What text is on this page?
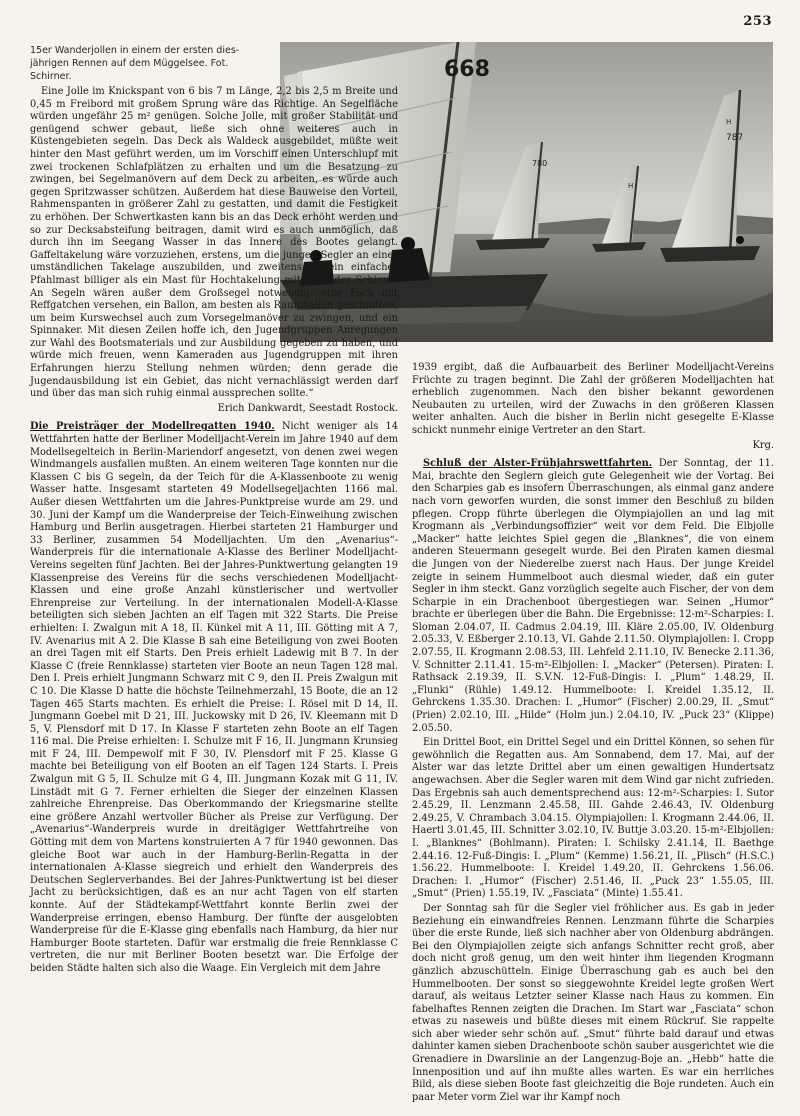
253
15er Wanderjollen in einem der ersten dies-jährigen Rennen auf dem Müggelsee. Fot. Schirner.	668
780
H
H
787

Eine Jolle im Knickspant von 6 bis 7 m Länge, 2,2 bis 2,5 m Breite und 0,45 m Freibord mit großem Sprung wäre das Richtige. An Segelfläche würden ungefähr 25 m² genügen. Solche Jolle, mit großer Stabilität und genügend schwer gebaut, ließe sich ohne weiteres auch in Küstengebieten segeln. Das Deck als Waldeck ausgebildet, müßte weit hinter den Mast geführt werden, um im Vorschiff einen Unterschlupf mit zwei trockenen Schlafplätzen zu erhalten und um die Besatzung zu zwingen, bei Segelmanövern auf dem Deck zu arbeiten, es würde auch gegen Spritzwasser schützen. Außerdem hat diese Bauweise den Vorteil, Rahmenspanten in größerer Zahl zu gestatten, und damit die Festigkeit zu erhöhen. Der Schwertkasten kann bis an das Deck erhöht werden und so zur Decksabsteifung beitragen, damit wird es auch unmöglich, daß durch ihn im Seegang Wasser in das Innere des Bootes gelangt. Gaffeltakelung wäre vorzuziehen, erstens, um die jungen Segler an einer umständlichen Takelage auszubilden, und zweitens ist ein einfacher Pfahlmast billiger als ein Mast für Hochtakelung mit Nut oder Schiene. An Segeln wären außer dem Großsegel notwendig: eine Fock mit Reffgatchen versehen, ein Ballon, am besten als Raumballon geschnitten, um beim Kurswechsel auch zum Vorsegelmanöver zu zwingen, und ein Spinnaker. Mit diesen Zeilen hoffe ich, den Jugendgruppen Anregungen zur Wahl des Bootsmaterials und zur Ausbildung gegeben zu haben, und würde mich freuen, wenn Kameraden aus Jugendgruppen mit ihren Erfahrungen hierzu Stellung nehmen würden; denn gerade die Jugendausbildung ist ein Gebiet, das nicht vernachlässigt werden darf und über das man sich ruhig einmal aussprechen sollte.“

Erich Dankwardt, Seestadt Rostock.

Die Preisträger der Modellregatten 1940. Nicht weniger als 14 Wettfahrten hatte der Berliner Modelljacht-Verein im Jahre 1940 auf dem Modellsegelteich in Berlin-Mariendorf angesetzt, von denen zwei wegen Windmangels ausfallen mußten. An einem weiteren Tage konnten nur die Klassen C bis G segeln, da der Teich für die A-Klassenboote zu wenig Wasser hatte. Insgesamt starteten 49 Modellsegeljachten 1166 mal. Außer diesen Wettfahrten um die Jahres-Punktpreise wurde am 29. und 30. Juni der Kampf um die Wanderpreise der Teich-Einweihung zwischen Hamburg und Berlin ausgetragen. Hierbei starteten 21 Hamburger und 33 Berliner, zusammen 54 Modelljachten. Um den „Avenarius“-Wanderpreis für die internationale A-Klasse des Berliner Modelljacht-Vereins segelten fünf Jachten. Bei der Jahres-Punktwertung gelangten 19 Klassenpreise des Vereins für die sechs verschiedenen Modelljacht-Klassen und eine große Anzahl künstlerischer und wertvoller Ehrenpreise zur Verteilung. In der internationalen Modell-A-Klasse beteiligten sich sieben Jachten an elf Tagen mit 322 Starts. Die Preise erhielten: I. Zwalgun mit A 18, II. Künkel mit A 11, III. Götting mit A 7, IV. Avenarius mit A 2. Die Klasse B sah eine Beteiligung von zwei Booten an drei Tagen mit elf Starts. Den Preis erhielt Ladewig mit B 7. In der Klasse C (freie Rennklasse) starteten vier Boote an neun Tagen 128 mal. Den I. Preis erhielt Jungmann Schwarz mit C 9, den II. Preis Zwalgun mit C 10. Die Klasse D hatte die höchste Teilnehmerzahl, 15 Boote, die an 12 Tagen 465 Starts machten. Es erhielt die Preise: I. Rösel mit D 14, II. Jungmann Goebel mit D 21, III. Juckowsky mit D 26, IV. Kleemann mit D 5, V. Plensdorf mit D 17. In Klasse F starteten zehn Boote an elf Tagen 116 mal. Die Preise erhielten: I. Schulze mit F 16, II. Jungmann Krunsieg mit F 24, III. Dempewolf mit F 30, IV. Plensdorf mit F 25. Klasse G machte bei Beteiligung von elf Booten an elf Tagen 124 Starts. I. Preis Zwalgun mit G 5, II. Schulze mit G 4, III. Jungmann Kozak mit G 11, IV. Linstädt mit G 7. Ferner erhielten die Sieger der einzelnen Klassen zahlreiche Ehrenpreise. Das Oberkommando der Kriegsmarine stellte eine größere Anzahl wertvoller Bücher als Preise zur Verfügung. Der „Avenarius“-Wanderpreis wurde in dreitägiger Wettfahrtreihe von Götting mit dem von Martens konstruierten A 7 für 1940 gewonnen. Das gleiche Boot war auch in der Hamburg-Berlin-Regatta in der internationalen A-Klasse siegreich und erhielt den Wanderpreis des Deutschen Seglerverbandes. Bei der Jahres-Punktwertung ist bei dieser Jacht zu berücksichtigen, daß es an nur acht Tagen von elf starten konnte. Auf der Städtekampf-Wettfahrt konnte Berlin zwei der Wanderpreise erringen, ebenso Hamburg. Der fünfte der ausgelobten Wanderpreise für die E-Klasse ging ebenfalls nach Hamburg, da hier nur Hamburger Boote starteten. Dafür war erstmalig die freie Rennklasse C vertreten, die nur mit Berliner Booten besetzt war. Die Erfolge der beiden Städte halten sich also die Waage. Ein Vergleich mit dem Jahre

1939 ergibt, daß die Aufbauarbeit des Berliner Modelljacht-Vereins Früchte zu tragen beginnt. Die Zahl der größeren Modelljachten hat erheblich zugenommen. Nach den bisher bekannt gewordenen Neubauten zu urteilen, wird der Zuwachs in den größeren Klassen weiter anhalten. Auch die bisher in Berlin nicht gesegelte E-Klasse schickt nunmehr einige Vertreter an den Start.

Krg.

Schluß der Alster-Frühjahrswettfahrten. Der Sonntag, der 11. Mai, brachte den Seglern gleich gute Gelegenheit wie der Vortag. Bei den Scharpies gab es insofern Überraschungen, als einmal ganz andere nach vorn geworfen wurden, die sonst immer den Beschluß zu bilden pflegen. Cropp führte überlegen die Olympiajollen an und lag mit Krogmann als „Verbindungsoffizier“ weit vor dem Feld. Die Elbjolle „Macker“ hatte leichtes Spiel gegen die „Blanknes“, die von einem anderen Steuermann gesegelt wurde. Bei den Piraten kamen diesmal die Jungen von der Niederelbe zuerst nach Haus. Der junge Kreidel zeigte in seinem Hummelboot auch diesmal wieder, daß ein guter Segler in ihm steckt. Ganz vorzüglich segelte auch Fischer, der von dem Scharpie in ein Drachenboot übergestiegen war. Seinen „Humor“ brachte er überlegen über die Bahn. Die Ergebnisse: 12-m²-Scharpies: I. Sloman 2.04.07, II. Cadmus 2.04.19, III. Kläre 2.05.00, IV. Oldenburg 2.05.33, V. Eßberger 2.10.13, VI. Gahde 2.11.50. Olympiajollen: I. Cropp 2.07.55, II. Krogmann 2.08.53, III. Lehfeld 2.11.10, IV. Benecke 2.11.36, V. Schnitter 2.11.41. 15-m²-Elbjollen: I. „Macker“ (Petersen). Piraten: I. Rathsack 2.19.39, II. S.V.N. 12-Fuß-Dingis: I. „Plum“ 1.48.29, II. „Flunki“ (Rühle) 1.49.12. Hummelboote: I. Kreidel 1.35.12, II. Gehrckens 1.35.30. Drachen: I. „Humor“ (Fischer) 2.00.29, II. „Smut“ (Prien) 2.02.10, III. „Hilde“ (Holm jun.) 2.04.10, IV. „Puck 23“ (Klippe) 2.05.50.

Ein Drittel Boot, ein Drittel Segel und ein Drittel Können, so sehen für gewöhnlich die Regatten aus. Am Sonnabend, dem 17. Mai, auf der Alster war das letzte Drittel aber um einen gewaltigen Hundertsatz angewachsen. Aber die Segler waren mit dem Wind gar nicht zufrieden. Das Ergebnis sah auch dementsprechend aus: 12-m²-Scharpies: I. Sutor 2.45.29, II. Lenzmann 2.45.58, III. Gahde 2.46.43, IV. Oldenburg 2.49.25, V. Chrambach 3.04.15. Olympiajollen: I. Krogmann 2.44.06, II. Haertl 3.01.45, III. Schnitter 3.02.10, IV. Buttje 3.03.20. 15-m²-Elbjollen: I. „Blanknes“ (Bohlmann). Piraten: I. Schilsky 2.41.14, II. Baethge 2.44.16. 12-Fuß-Dingis: I. „Plum“ (Kemme) 1.56.21, II. „Plisch“ (H.S.C.) 1.56.22. Hummelboote: I. Kreidel 1.49.20, II. Gehrckens 1.56.06. Drachen: I. „Humor“ (Fischer) 2.51.46, II. „Puck 23“ 1.55.05, III. „Smut“ (Prien) 1.55.19, IV. „Fasciata“ (Minte) 1.55.41.

Der Sonntag sah für die Segler viel fröhlicher aus. Es gab in jeder Beziehung ein einwandfreies Rennen. Lenzmann führte die Scharpies über die erste Runde, ließ sich nachher aber von Oldenburg abdrängen. Bei den Olympiajollen zeigte sich anfangs Schnitter recht groß, aber doch nicht groß genug, um den weit hinter ihm liegenden Krogmann gänzlich abzuschütteln. Einige Überraschung gab es auch bei den Hummelbooten. Der sonst so sieggewohnte Kreidel legte großen Wert darauf, als weitaus Letzter seiner Klasse nach Haus zu kommen. Ein fabelhaftes Rennen zeigten die Drachen. Im Start war „Fasciata“ schon etwas zu naseweis und büßte dieses mit einem Rückruf. Sie rappelte sich aber wieder sehr schön auf. „Smut“ führte bald darauf und etwas dahinter kamen sieben Drachenboote schön sauber ausgerichtet wie die Grenadiere in Dwarslinie an der Langenzug-Boje an. „Hebb“ hatte die Innenposition und auf ihn mußte alles warten. Es war ein herrliches Bild, als diese sieben Boote fast gleichzeitig die Boje rundeten. Auch ein paar Meter vorm Ziel war ihr Kampf noch
